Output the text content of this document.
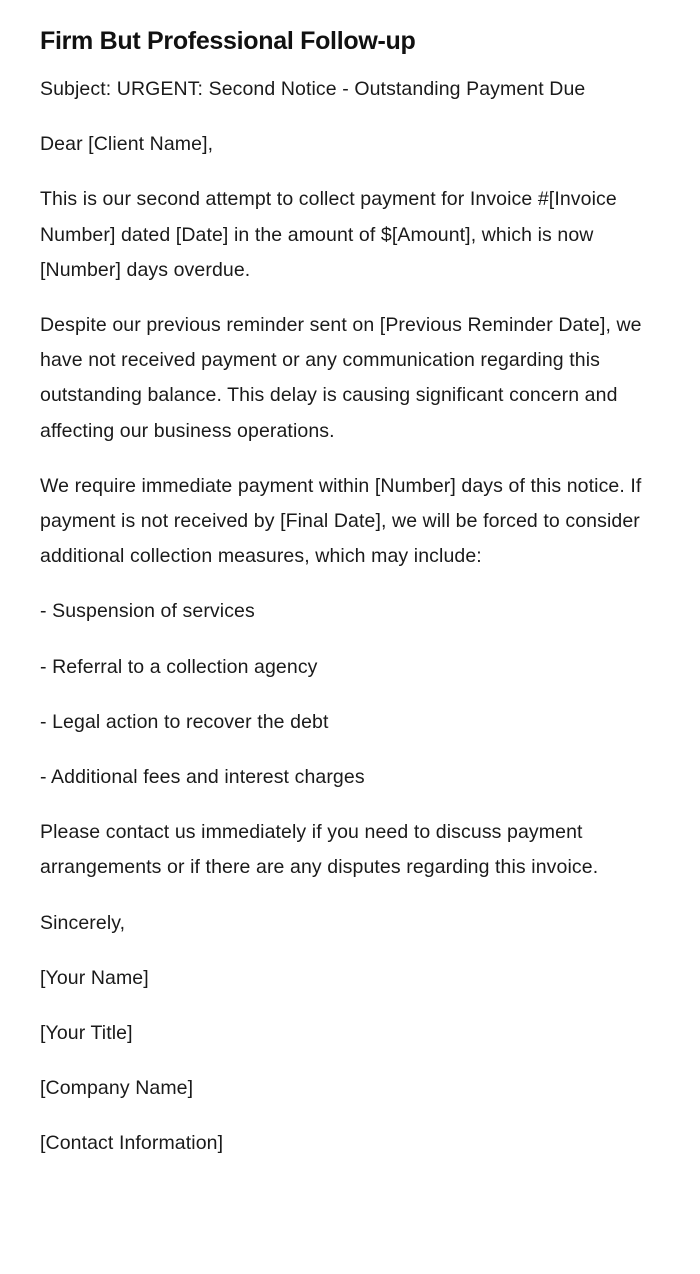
Firm But Professional Follow-up

Subject: URGENT: Second Notice - Outstanding Payment Due

Dear [Client Name],

This is our second attempt to collect payment for Invoice #[Invoice Number] dated [Date] in the amount of $[Amount], which is now [Number] days overdue.

Despite our previous reminder sent on [Previous Reminder Date], we have not received payment or any communication regarding this outstanding balance. This delay is causing significant concern and affecting our business operations.

We require immediate payment within [Number] days of this notice. If payment is not received by [Final Date], we will be forced to consider additional collection measures, which may include:

- Suspension of services

- Referral to a collection agency

- Legal action to recover the debt

- Additional fees and interest charges

Please contact us immediately if you need to discuss payment arrangements or if there are any disputes regarding this invoice.

Sincerely,

[Your Name]

[Your Title]

[Company Name]

[Contact Information]
